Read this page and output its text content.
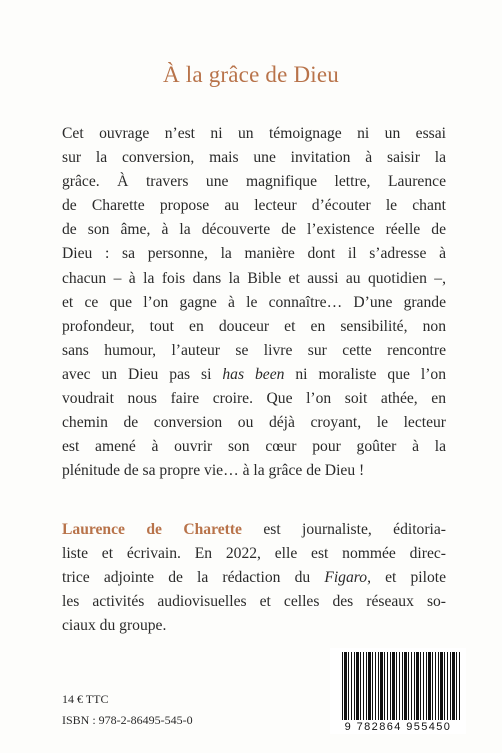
À la grâce de Dieu
Cet ouvrage n’est ni un témoignage ni un essai
sur la conversion, mais une invitation à saisir la
grâce. À travers une magnifique lettre, Laurence
de Charette propose au lecteur d’écouter le chant
de son âme, à la découverte de l’existence réelle de
Dieu : sa personne, la manière dont il s’adresse à
chacun – à la fois dans la Bible et aussi au quotidien –,
et ce que l’on gagne à le connaître… D’une grande
profondeur, tout en douceur et en sensibilité, non
sans humour, l’auteur se livre sur cette rencontre
avec un Dieu pas si has been ni moraliste que l’on
voudrait nous faire croire. Que l’on soit athée, en
chemin de conversion ou déjà croyant, le lecteur
est amené à ouvrir son cœur pour goûter à la
plénitude de sa propre vie… à la grâce de Dieu !
Laurence de Charette est journaliste, éditoria-
liste et écrivain. En 2022, elle est nommée direc-
trice adjointe de la rédaction du Figaro, et pilote
les activités audiovisuelles et celles des réseaux so-
ciaux du groupe.
14 € TTC
ISBN : 978-2-86495-545-0	9 782864 955450
